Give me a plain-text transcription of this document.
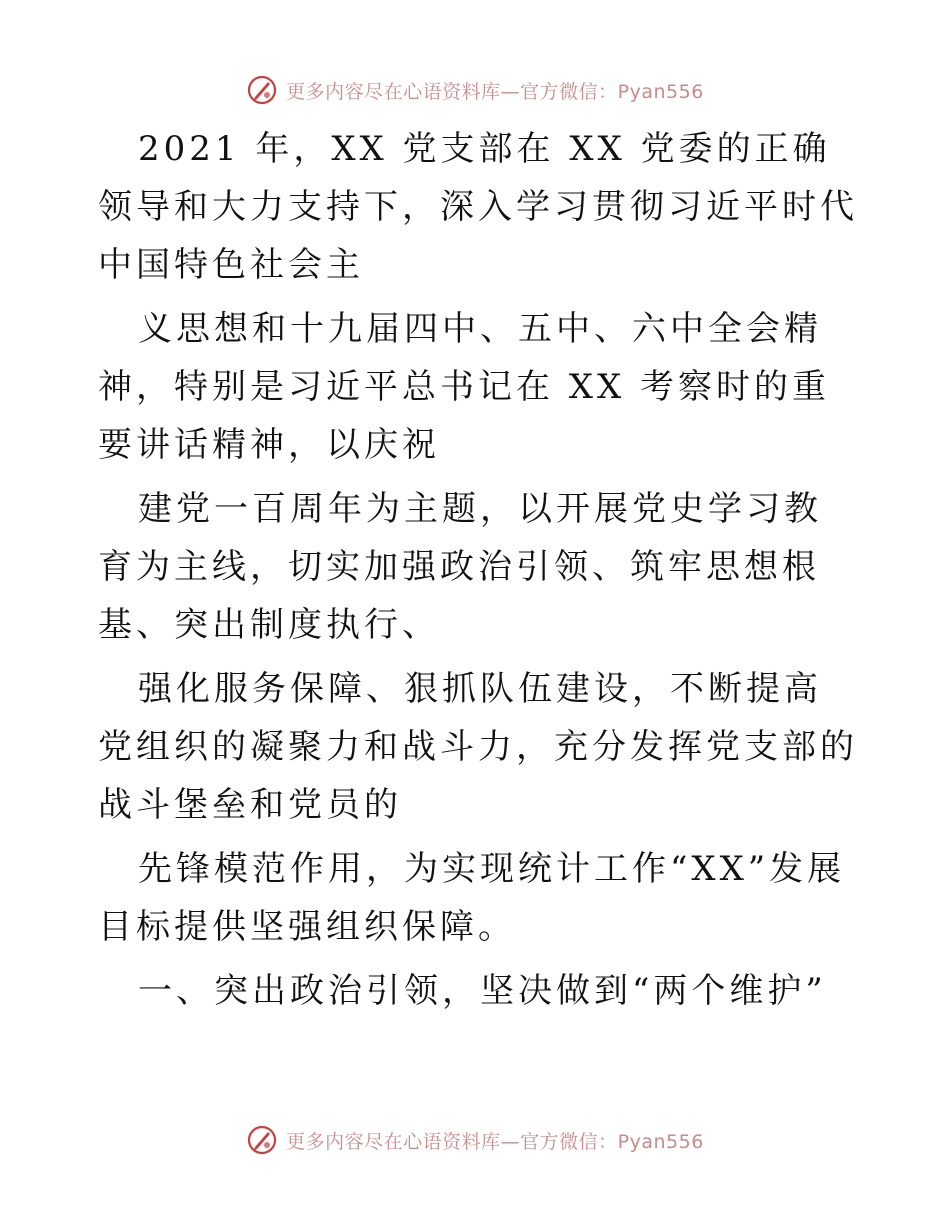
更多内容尽在心语资料库—官方微信：Pyan556

2021 年，XX 党支部在 XX 党委的正确领导和大力支持下，深入学习贯彻习近平时代中国特色社会主

义思想和十九届四中、五中、六中全会精神，特别是习近平总书记在 XX 考察时的重要讲话精神，以庆祝

建党一百周年为主题，以开展党史学习教育为主线，切实加强政治引领、筑牢思想根基、突出制度执行、

强化服务保障、狠抓队伍建设，不断提高党组织的凝聚力和战斗力，充分发挥党支部的战斗堡垒和党员的

先锋模范作用，为实现统计工作“XX”发展目标提供坚强组织保障。

一、突出政治引领，坚决做到“两个维护”

更多内容尽在心语资料库—官方微信：Pyan556
